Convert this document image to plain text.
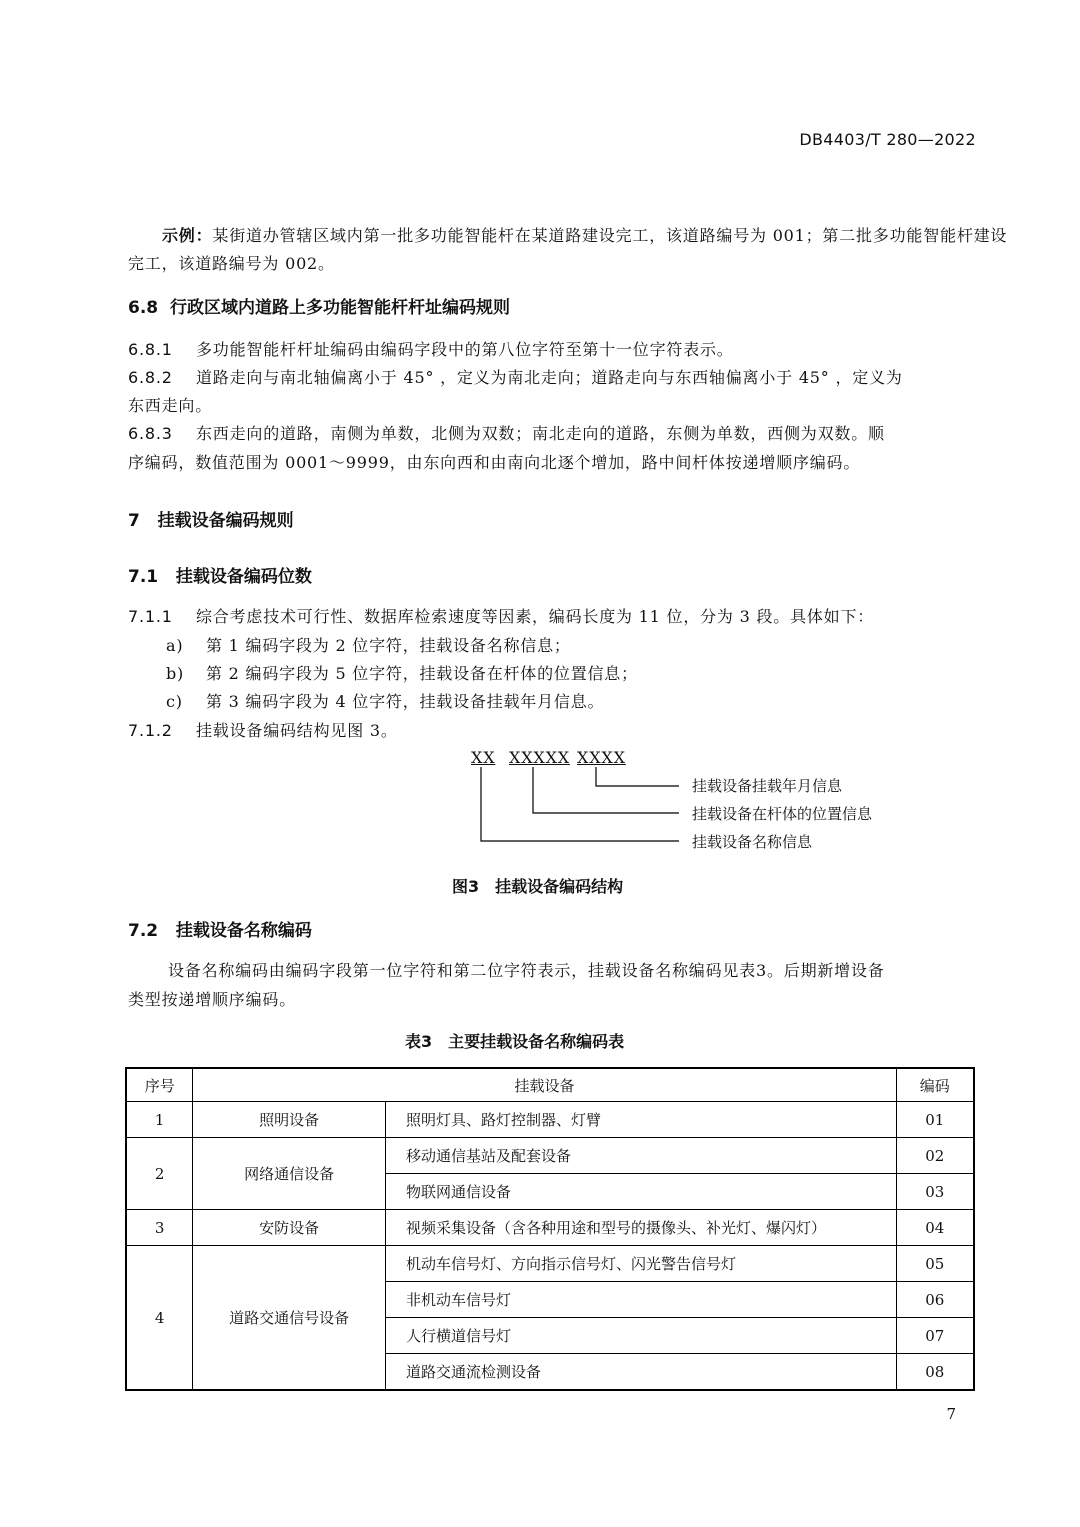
DB4403/T 280—2022
示例：某街道办管辖区域内第一批多功能智能杆在某道路建设完工，该道路编号为 001；第二批多功能智能杆建设
完工，该道路编号为 002。
6.8 行政区域内道路上多功能智能杆杆址编码规则
6.8.1 多功能智能杆杆址编码由编码字段中的第八位字符至第十一位字符表示。
6.8.2 道路走向与南北轴偏离小于 45° ，定义为南北走向；道路走向与东西轴偏离小于 45° ，定义为
东西走向。
6.8.3 东西走向的道路，南侧为单数，北侧为双数；南北走向的道路，东侧为单数，西侧为双数。顺
序编码，数值范围为 0001～9999，由东向西和由南向北逐个增加，路中间杆体按递增顺序编码。
7 挂载设备编码规则
7.1 挂载设备编码位数
7.1.1 综合考虑技术可行性、数据库检索速度等因素，编码长度为 11 位，分为 3 段。具体如下：
a) 第 1 编码字段为 2 位字符，挂载设备名称信息；
b) 第 2 编码字段为 5 位字符，挂载设备在杆体的位置信息；
c) 第 3 编码字段为 4 位字符，挂载设备挂载年月信息。
7.1.2 挂载设备编码结构见图 3。
XX XXXXX XXXX
挂载设备挂载年月信息
挂载设备在杆体的位置信息
挂载设备名称信息
图3　挂载设备编码结构
7.2 挂载设备名称编码
设备名称编码由编码字段第一位字符和第二位字符表示，挂载设备名称编码见表3。后期新增设备
类型按递增顺序编码。
表3　主要挂载设备名称编码表
序号	挂载设备		编码
1	照明设备	照明灯具、路灯控制器、灯臂	01
2	网络通信设备	移动通信基站及配套设备	02
		物联网通信设备	03
3	安防设备	视频采集设备（含各种用途和型号的摄像头、补光灯、爆闪灯）	04
4	道路交通信号设备	机动车信号灯、方向指示信号灯、闪光警告信号灯	05
		非机动车信号灯	06
		人行横道信号灯	07
		道路交通流检测设备	08
7
